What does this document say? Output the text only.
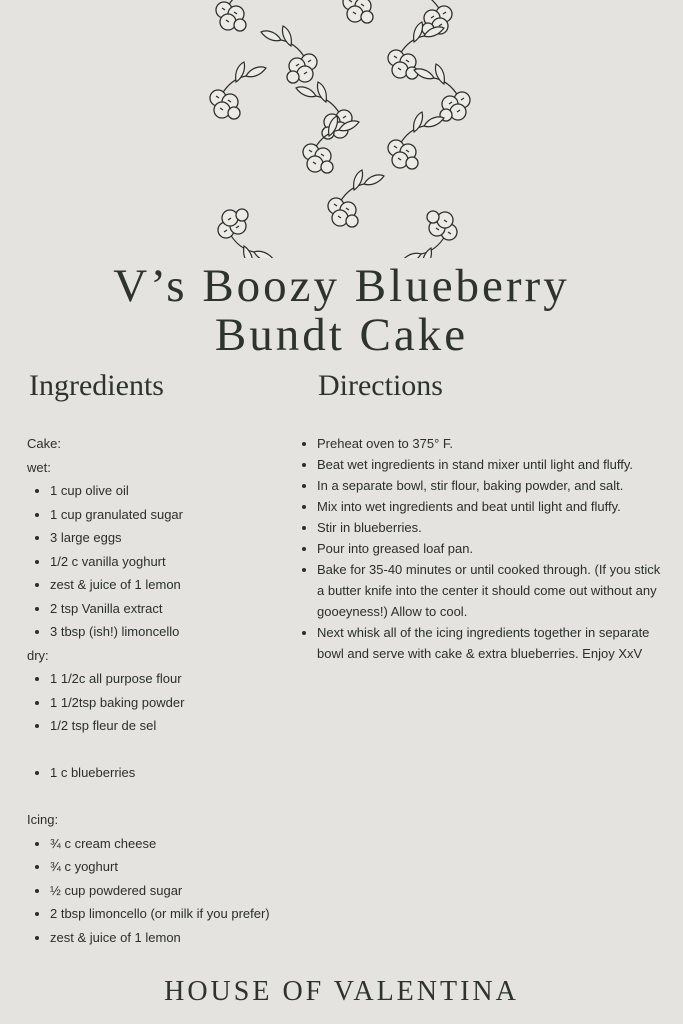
V’s Boozy Blueberry
Bundt Cake
Ingredients	Directions

Cake:

wet:

• 1 cup olive oil
• 1 cup granulated sugar
• 3 large eggs
• 1/2 c vanilla yoghurt
• zest & juice of 1 lemon
• 2 tsp Vanilla extract
• 3 tbsp (ish!) limoncello

dry:

• 1 1/2c all purpose flour
• 1 1/2tsp baking powder
• 1/2 tsp fleur de sel
• 1 c blueberries

Icing:

• ¾ c cream cheese
• ¾ c yoghurt
• ½ cup powdered sugar
• 2 tbsp limoncello (or milk if you prefer)
• zest & juice of 1 lemon
• Preheat oven to 375° F.
• Beat wet ingredients in stand mixer until light and fluffy.
• In a separate bowl, stir flour, baking powder, and salt.
• Mix into wet ingredients and beat until light and fluffy.
• Stir in blueberries.
• Pour into greased loaf pan.
• Bake for 35-40 minutes or until cooked through. (If you stick a butter knife into the center it should come out without any gooeyness!) Allow to cool.
• Next whisk all of the icing ingredients together in separate bowl and serve with cake & extra blueberries. Enjoy XxV
HOUSE OF VALENTINA
